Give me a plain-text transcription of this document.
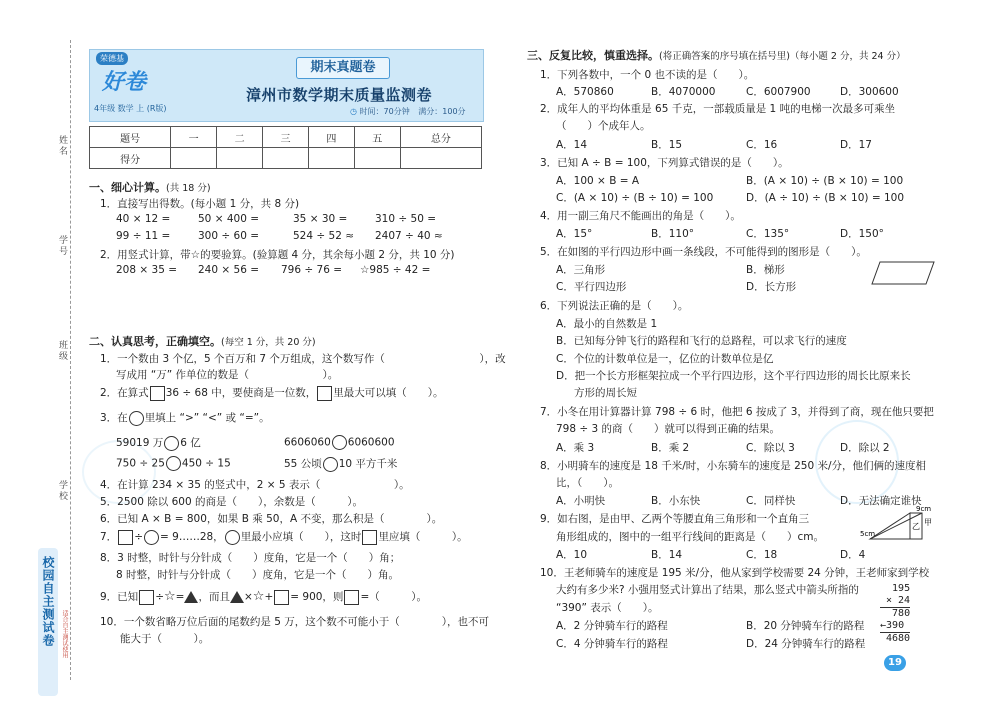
姓名
学号
班级
学校
校园自主测试卷	适合自主测试使用
荣德基
好卷
4年级 数学 上 (R版)
期末真题卷
漳州市数学期末质量监测卷
◷ 时间：70分钟 满分：100分
题号	一	二	三	四	五	总分
得分						
一、细心计算。(共 18 分)
1．直接写出得数。(每小题 1 分，共 8 分)
40 × 12 =	50 × 400 =	35 × 30 =	310 ÷ 50 =
99 ÷ 11 =	300 ÷ 60 =	524 ÷ 52 ≈ 2407 ÷ 40 ≈
2．用竖式计算，带☆的要验算。(验算题 4 分，其余每小题 2 分，共 10 分)
208 × 35 = 240 × 56 = 796 ÷ 76 = ☆985 ÷ 42 =
二、认真思考，正确填空。(每空 1 分，共 20 分)
1．一个数由 3 个亿，5 个百万和 7 个万组成，这个数写作（　　　　　　　　　），改
写成用 “万” 作单位的数是（　　　　　　　）。
2．在算式 36 ÷ 68 中，要使商是一位数， 里最大可以填（　　）。
3．在 里填上 “>” “<” 或 “=”。
59019 万 6 亿	6606060 6060600
750 ÷ 25 450 ÷ 15	55 公顷 10 平方千米
4．在计算 234 × 35 的竖式中，2 × 5 表示（　　　　　　　）。
5．2500 除以 600 的商是（　　），余数是（　　　）。
6．已知 A × B = 800，如果 B 乘 50，A 不变，那么积是（　　　　）。
7． ÷ = 9……28， 里最小应填（　　），这时 里应填（　　　）。
8．3 时整，时针与分针成（　　）度角，它是一个（　　）角；
8 时整，时针与分针成（　　）度角，它是一个（　　）角。
9．已知 ÷☆= ，而且 ×☆+ = 900，则 =（　　　）。
10．一个数省略万位后面的尾数约是 5 万，这个数不可能小于（　　　　），也不可
能大于（　　　）。
三、反复比较，慎重选择。(将正确答案的序号填在括号里)（每小题 2 分，共 24 分）
1．下列各数中，一个 0 也不读的是（　　）。
A．570860	B．4070000	C．6007900	D．300600
2．成年人的平均体重是 65 千克，一部载质量是 1 吨的电梯一次最多可乘坐
（　　）个成年人。
A．14	B．15	C．16	D．17
3．已知 A ÷ B = 100，下列算式错误的是（　　）。
A．100 × B = A	B．(A × 10) ÷ (B × 10) = 100
C．(A × 10) ÷ (B ÷ 10) = 100	D．(A ÷ 10) ÷ (B × 10) = 100
4．用一副三角尺不能画出的角是（　　）。
A．15°	B．110°	C．135°	D．150°
5．在如图的平行四边形中画一条线段，不可能得到的图形是（　　）。
A．三角形	B．梯形
C．平行四边形	D．长方形
6．下列说法正确的是（　　）。
A．最小的自然数是 1
B．已知每分钟飞行的路程和飞行的总路程，可以求飞行的速度
C．个位的计数单位是一，亿位的计数单位是亿
D．把一个长方形框架拉成一个平行四边形，这个平行四边形的周长比原来长
方形的周长短
7．小冬在用计算器计算 798 ÷ 6 时，他把 6 按成了 3，并得到了商，现在他只要把
798 ÷ 3 的商（　　）就可以得到正确的结果。
A．乘 3	B．乘 2	C．除以 3	D．除以 2
8．小明骑车的速度是 18 千米/时，小东骑车的速度是 250 米/分，他们俩的速度相
比，（　　）。
A．小明快	B．小东快	C．同样快	D．无法确定谁快
9．如右图，是由甲、乙两个等腰直角三角形和一个直角三
角形组成的，图中的一组平行线间的距离是（　　）cm。
A．10	B．14	C．18	D．4
乙 甲
5cm
9cm
10．王老师骑车的速度是 195 米/分，他从家到学校需要 24 分钟，王老师家到学校
大约有多少米? 小强用竖式计算出了结果，那么竖式中箭头所指的
“390” 表示（　　）。
A．2 分钟骑车行的路程	B．20 分钟骑车行的路程
C．4 分钟骑车行的路程	D．24 分钟骑车行的路程
195
× 24
780
←390
4680
19
